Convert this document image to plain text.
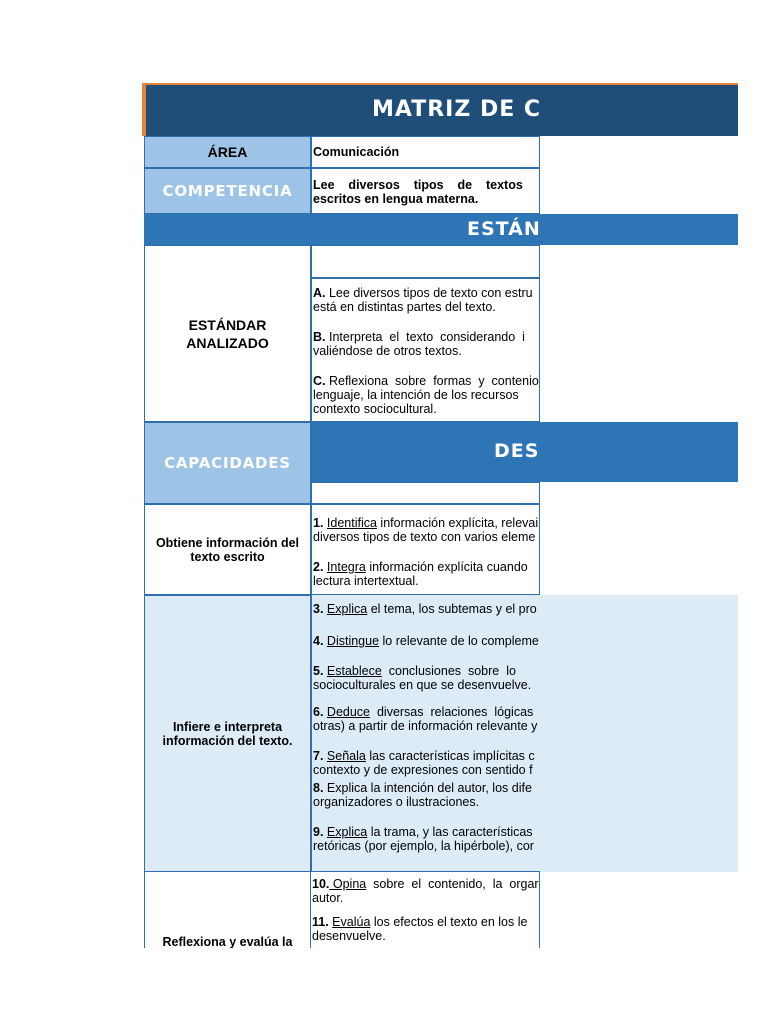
MATRIZ DE C
ÁREA	Comunicación
COMPETENCIA	Lee    diversos    tipos    de    textos
escritos en lengua materna.
ESTÁN
ESTÁNDAR
ANALIZADO

A. Lee diversos tipos de texto con estru

está en distintas partes del texto.

B. Interpreta  el  texto  considerando  i

valiéndose de otros textos.

C. Reflexiona  sobre  formas  y  contenio

lenguaje, la intención de los recursos

contexto sociocultural.

CAPACIDADES
DES
Obtiene información del
texto escrito

1. Identifica información explícita, relevai

diversos tipos de texto con varios eleme

2. Integra información explícita cuando

lectura intertextual.

Infiere e interpreta
información del texto.

3. Explica el tema, los subtemas y el pro

4. Distingue lo relevante de lo compleme

5. Establece  conclusiones  sobre  lo

socioculturales en que se desenvuelve.

6. Deduce  diversas  relaciones  lógicas

otras) a partir de información relevante y

7. Señala las características implícitas c

contexto y de expresiones con sentido f

8. Explica la intención del autor, los dife

organizadores o ilustraciones.

9. Explica la trama, y las características

retóricas (por ejemplo, la hipérbole), cor

Reflexiona y evalúa la

10. Opina  sobre  el  contenido,  la  orgar

autor.

11. Evalúa los efectos el texto en los le

desenvuelve.
